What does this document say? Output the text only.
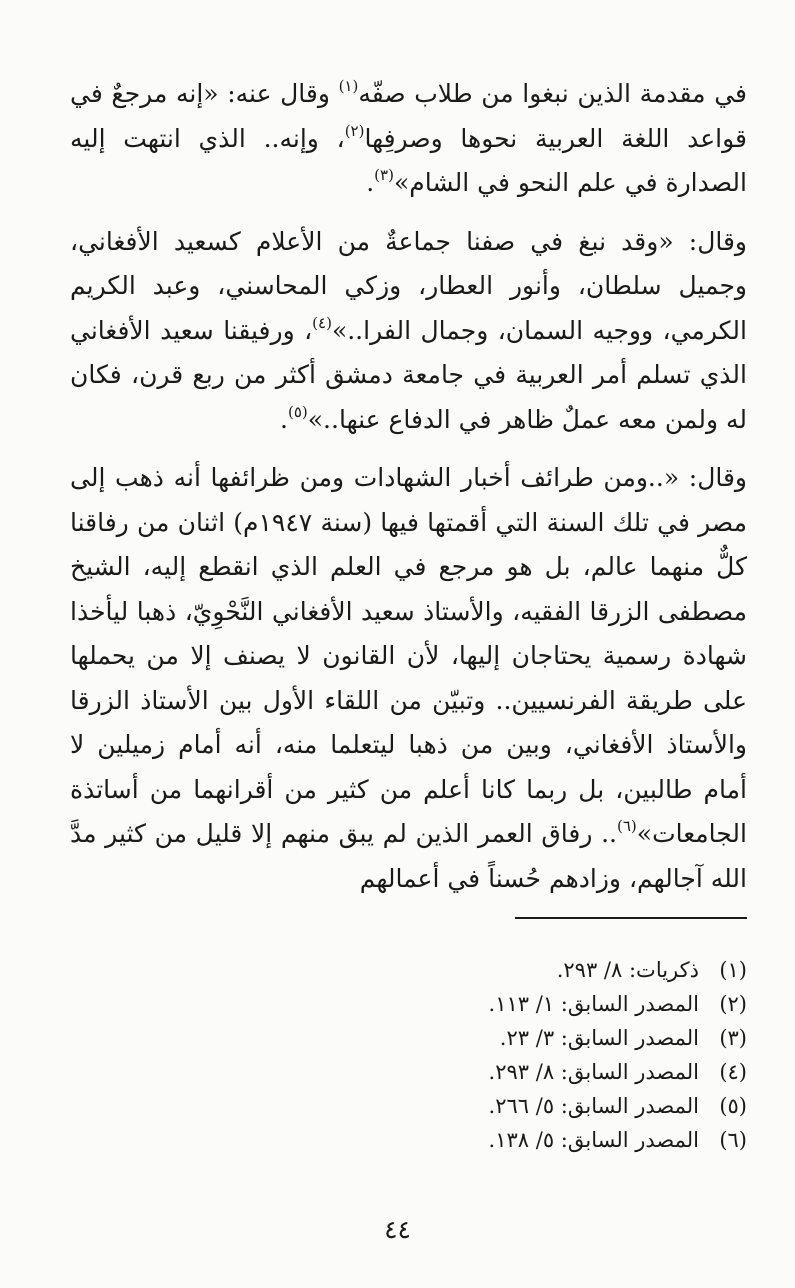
في مقدمة الذين نبغوا من طلاب صفّه$^{(١)}$ وقال عنه: «إنه مرجعٌ في قواعد اللغة العربية نحوها وصرفِها$^{(٢)}$، وإنه.. الذي انتهت إليه الصدارة في علم النحو في الشام»$^{(٣)}$.

وقال: «وقد نبغ في صفنا جماعةٌ من الأعلام كسعيد الأفغاني، وجميل سلطان، وأنور العطار، وزكي المحاسني، وعبد الكريم الكرمي، ووجيه السمان، وجمال الفرا..»$^{(٤)}$، ورفيقنا سعيد الأفغاني الذي تسلم أمر العربية في جامعة دمشق أكثر من ربع قرن، فكان له ولمن معه عملٌ ظاهر في الدفاع عنها..»$^{(٥)}$.

وقال: «..ومن طرائف أخبار الشهادات ومن ظرائفها أنه ذهب إلى مصر في تلك السنة التي أقمتها فيها (سنة ١٩٤٧م) اثنان من رفاقنا كلٌّ منهما عالم، بل هو مرجع في العلم الذي انقطع إليه، الشيخ مصطفى الزرقا الفقيه، والأستاذ سعيد الأفغاني النَّحْوِيّ، ذهبا ليأخذا شهادة رسمية يحتاجان إليها، لأن القانون لا يصنف إلا من يحملها على طريقة الفرنسيين.. وتبيّن من اللقاء الأول بين الأستاذ الزرقا والأستاذ الأفغاني، وبين من ذهبا ليتعلما منه، أنه أمام زميلين لا أمام طالبين، بل ربما كانا أعلم من كثير من أقرانهما من أساتذة الجامعات»$^{(٦)}$.. رفاق العمر الذين لم يبق منهم إلا قليل من كثير مدَّ الله آجالهم، وزادهم حُسناً في أعمالهم

(١)
ذكريات: ٨/ ٢٩٣.
(٢)
المصدر السابق: ١/ ١١٣.
(٣)
المصدر السابق: ٣/ ٢٣.
(٤)
المصدر السابق: ٨/ ٢٩٣.
(٥)
المصدر السابق: ٥/ ٢٦٦.
(٦)
المصدر السابق: ٥/ ١٣٨.
٤٤
